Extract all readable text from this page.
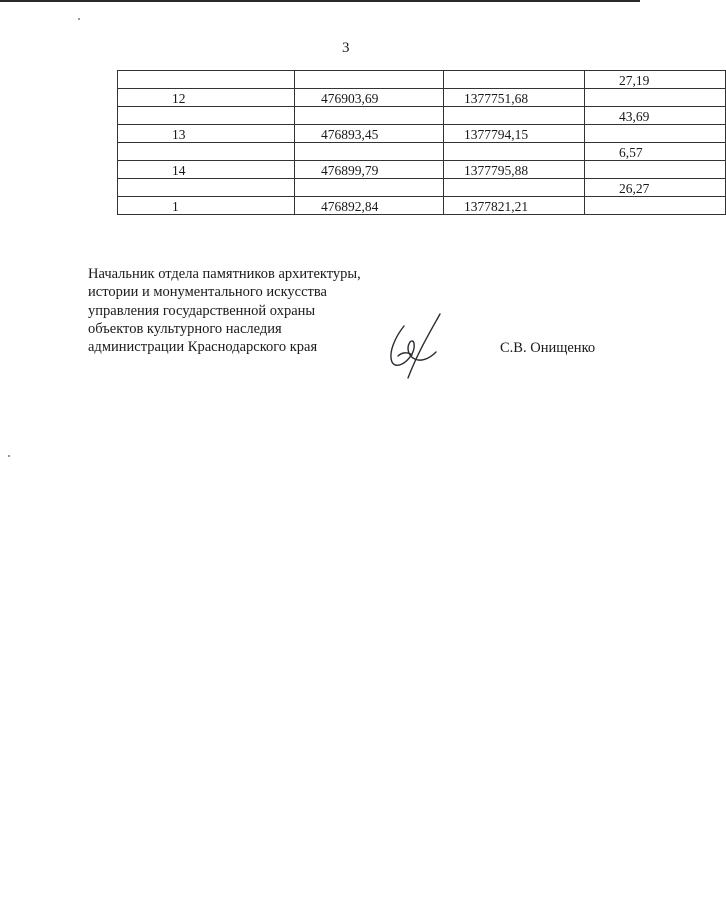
3
			27,19
12	476903,69	1377751,68	
			43,69
13	476893,45	1377794,15	
			6,57
14	476899,79	1377795,88	
			26,27
1	476892,84	1377821,21	
Начальник отдела памятников архитектуры,
истории и монументального искусства
управления государственной охраны
объектов культурного наследия
администрации Краснодарского края	С.В. Онищенко
